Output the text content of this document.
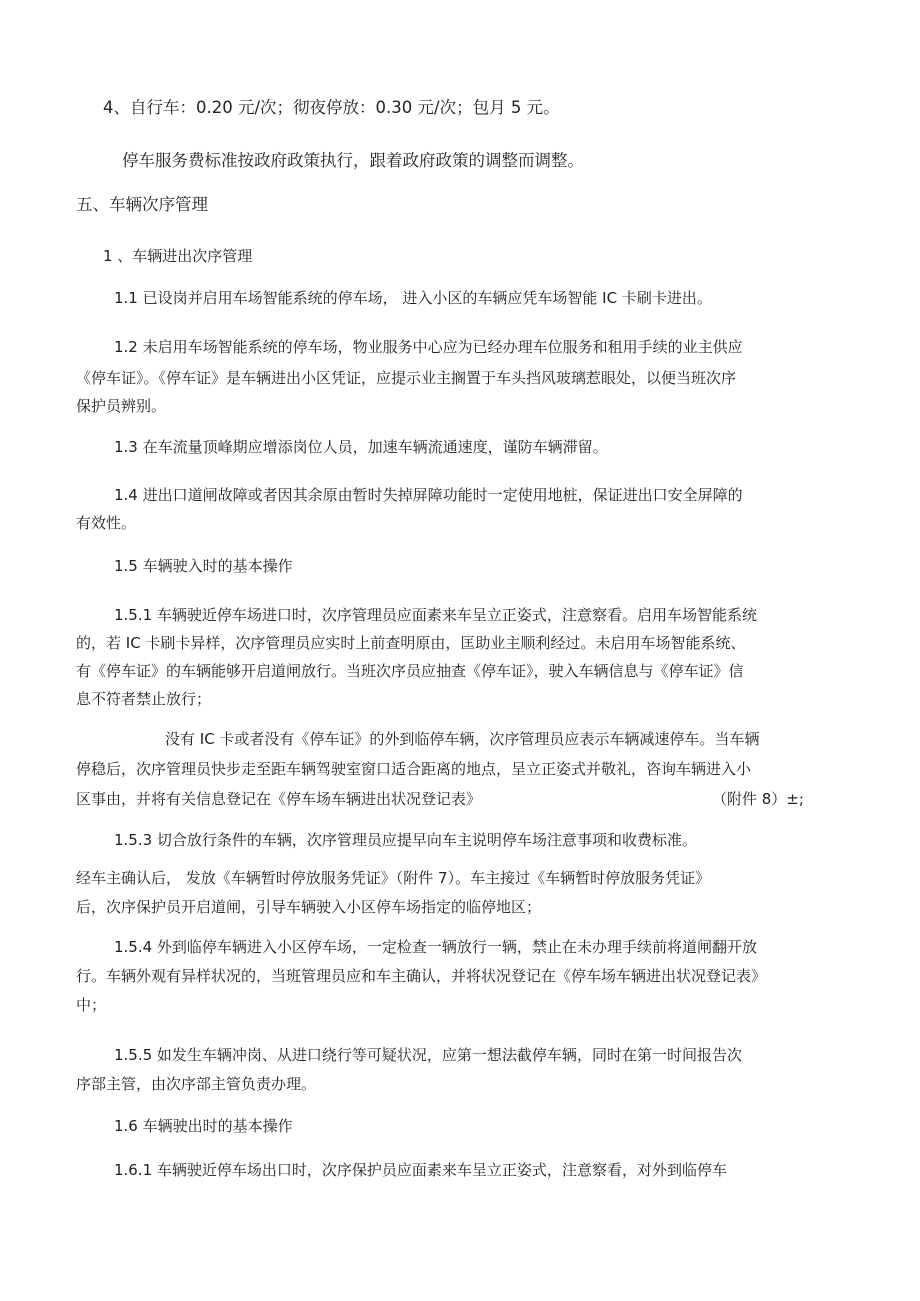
4、自行车：0.20 元/次；彻夜停放：0.30 元/次；包月 5 元。
停车服务费标准按政府政策执行，跟着政府政策的调整而调整。
五、车辆次序管理
1 、车辆进出次序管理
1.1 已设岗并启用车场智能系统的停车场， 进入小区的车辆应凭车场智能 IC 卡刷卡进出。
1.2 未启用车场智能系统的停车场，物业服务中心应为已经办理车位服务和租用手续的业主供应
《停车证》。《停车证》是车辆进出小区凭证，应提示业主搁置于车头挡风玻璃惹眼处，以便当班次序
保护员辨别。
1.3 在车流量顶峰期应增添岗位人员，加速车辆流通速度，谨防车辆滞留。
1.4 进出口道闸故障或者因其余原由暂时失掉屏障功能时一定使用地桩，保证进出口安全屏障的
有效性。
1.5 车辆驶入时的基本操作
1.5.1 车辆驶近停车场进口时，次序管理员应面素来车呈立正姿式，注意察看。启用车场智能系统
的，若 IC 卡刷卡异样，次序管理员应实时上前查明原由，匡助业主顺利经过。未启用车场智能系统、
有《停车证》的车辆能够开启道闸放行。当班次序员应抽查《停车证》，驶入车辆信息与《停车证》信
息不符者禁止放行；
没有 IC 卡或者没有《停车证》的外到临停车辆，次序管理员应表示车辆减速停车。当车辆
停稳后，次序管理员快步走至距车辆驾驶室窗口适合距离的地点，呈立正姿式并敬礼，咨询车辆进入小
区事由，并将有关信息登记在《停车场车辆进出状况登记表》	（附件 8）±;
1.5.3 切合放行条件的车辆，次序管理员应提早向车主说明停车场注意事项和收费标准。
经车主确认后， 发放《车辆暂时停放服务凭证》（附件 7）。车主接过《车辆暂时停放服务凭证》
后，次序保护员开启道闸，引导车辆驶入小区停车场指定的临停地区；
1.5.4 外到临停车辆进入小区停车场，一定检查一辆放行一辆，禁止在未办理手续前将道闸翻开放
行。车辆外观有异样状况的，当班管理员应和车主确认，并将状况登记在《停车场车辆进出状况登记表》
中；
1.5.5 如发生车辆冲岗、从进口绕行等可疑状况，应第一想法截停车辆，同时在第一时间报告次
序部主管，由次序部主管负责办理。
1.6 车辆驶出时的基本操作
1.6.1 车辆驶近停车场出口时，次序保护员应面素来车呈立正姿式，注意察看，对外到临停车
